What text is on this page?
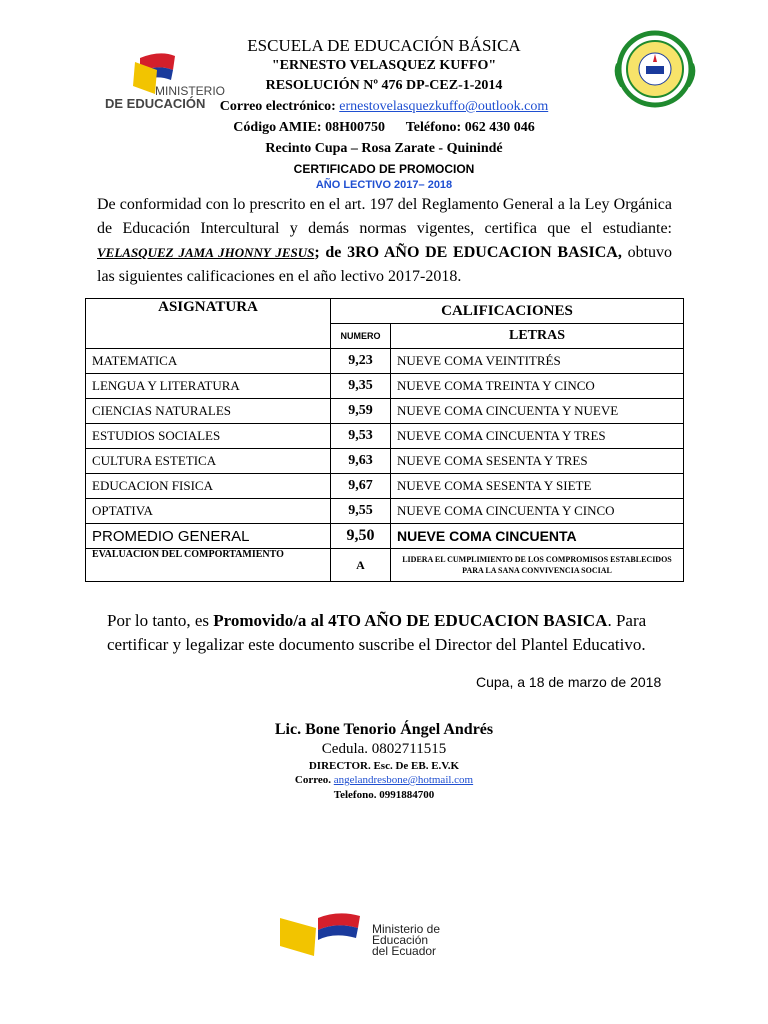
MINISTERIO
DE EDUCACIÓN
ESCUELA DE EDUCACIÓN BÁSICA
"ERNESTO VELASQUEZ KUFFO"
RESOLUCIÓN Nº 476 DP-CEZ-1-2014
Correo electrónico: ernestovelasquezkuffo@outlook.com
Código AMIE: 08H00750      Teléfono: 062 430 046
Recinto Cupa – Rosa Zarate - Quinindé
CERTIFICADO DE PROMOCION
AÑO LECTIVO 2017– 2018
De conformidad con lo prescrito en el art. 197 del Reglamento General a la Ley Orgánica de Educación Intercultural y demás normas vigentes, certifica que el estudiante: VELASQUEZ JAMA JHONNY JESUS; de 3RO AÑO DE EDUCACION BASICA, obtuvo las siguientes calificaciones en el año lectivo 2017-2018.
ASIGNATURA	CALIFICACIONES	
	NUMERO	LETRAS
MATEMATICA	9,23	NUEVE COMA VEINTITRÉS
LENGUA Y LITERATURA	9,35	NUEVE COMA TREINTA Y CINCO
CIENCIAS NATURALES	9,59	NUEVE COMA CINCUENTA Y NUEVE
ESTUDIOS SOCIALES	9,53	NUEVE COMA CINCUENTA Y TRES
CULTURA ESTETICA	9,63	NUEVE COMA SESENTA Y TRES
EDUCACION FISICA	9,67	NUEVE COMA SESENTA Y SIETE
OPTATIVA	9,55	NUEVE COMA CINCUENTA Y CINCO
PROMEDIO GENERAL	9,50	NUEVE COMA CINCUENTA
EVALUACION DEL COMPORTAMIENTO	A	LIDERA EL CUMPLIMIENTO DE LOS COMPROMISOS ESTABLECIDOS PARA LA SANA CONVIVENCIA SOCIAL
Por lo tanto, es Promovido/a al 4TO AÑO DE EDUCACION BASICA. Para certificar y legalizar este documento suscribe el Director del Plantel Educativo.
Cupa, a 18 de marzo de 2018
Lic. Bone Tenorio Ángel Andrés
Cedula. 0802711515
DIRECTOR. Esc. De EB. E.V.K
Correo. angelandresbone@hotmail.com
Telefono. 0991884700
Ministerio de
Educación
del Ecuador
